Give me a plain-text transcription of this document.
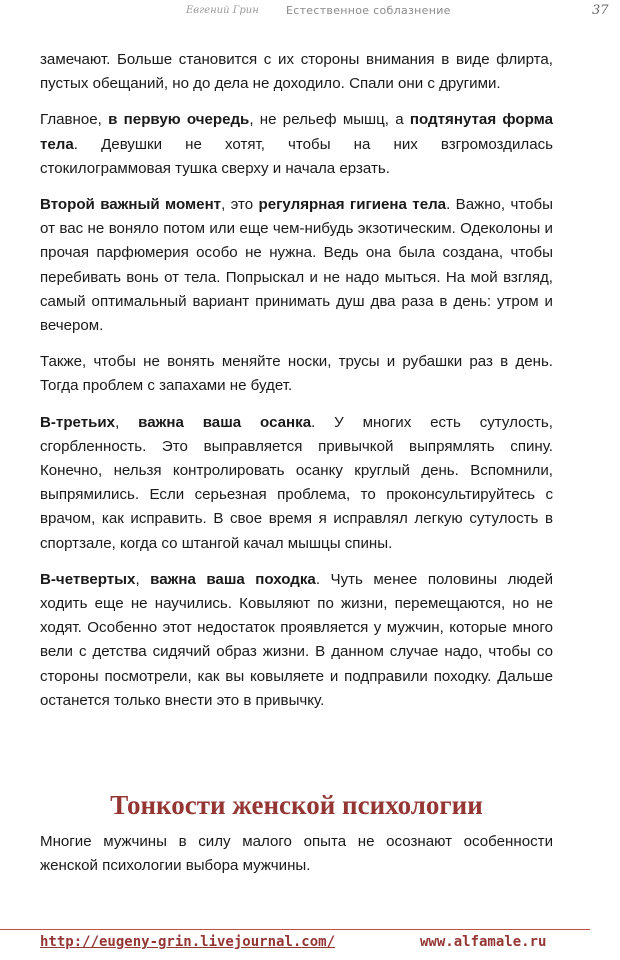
Евгений Грин Естественное соблазнение	37

замечают. Больше становится с их стороны внимания в виде флирта, пустых обещаний, но до дела не доходило. Спали они с другими.

Главное, в первую очередь, не рельеф мышц, а подтянутая форма тела. Девушки не хотят, чтобы на них взгромоздилась стокилограммовая тушка сверху и начала ерзать.

Второй важный момент, это регулярная гигиена тела. Важно, чтобы от вас не воняло потом или еще чем-нибудь экзотическим. Одеколоны и прочая парфюмерия особо не нужна. Ведь она была создана, чтобы перебивать вонь от тела. Попрыскал и не надо мыться. На мой взгляд, самый оптимальный вариант принимать душ два раза в день: утром и вечером.

Также, чтобы не вонять меняйте носки, трусы и рубашки раз в день. Тогда проблем с запахами не будет.

В-третьих, важна ваша осанка. У многих есть сутулость, сгорбленность. Это выправляется привычкой выпрямлять спину. Конечно, нельзя контролировать осанку круглый день. Вспомнили, выпрямились. Если серьезная проблема, то проконсультируйтесь с врачом, как исправить. В свое время я исправлял легкую сутулость в спортзале, когда со штангой качал мышцы спины.

В-четвертых, важна ваша походка. Чуть менее половины людей ходить еще не научились. Ковыляют по жизни, перемещаются, но не ходят. Особенно этот недостаток проявляется у мужчин, которые много вели с детства сидячий образ жизни. В данном случае надо, чтобы со стороны посмотрели, как вы ковыляете и подправили походку. Дальше останется только внести это в привычку.

Тонкости женской психологии

Многие мужчины в силу малого опыта не осознают особенности женской психологии выбора мужчины.

http://eugeny-grin.livejournal.com/	www.alfamale.ru
